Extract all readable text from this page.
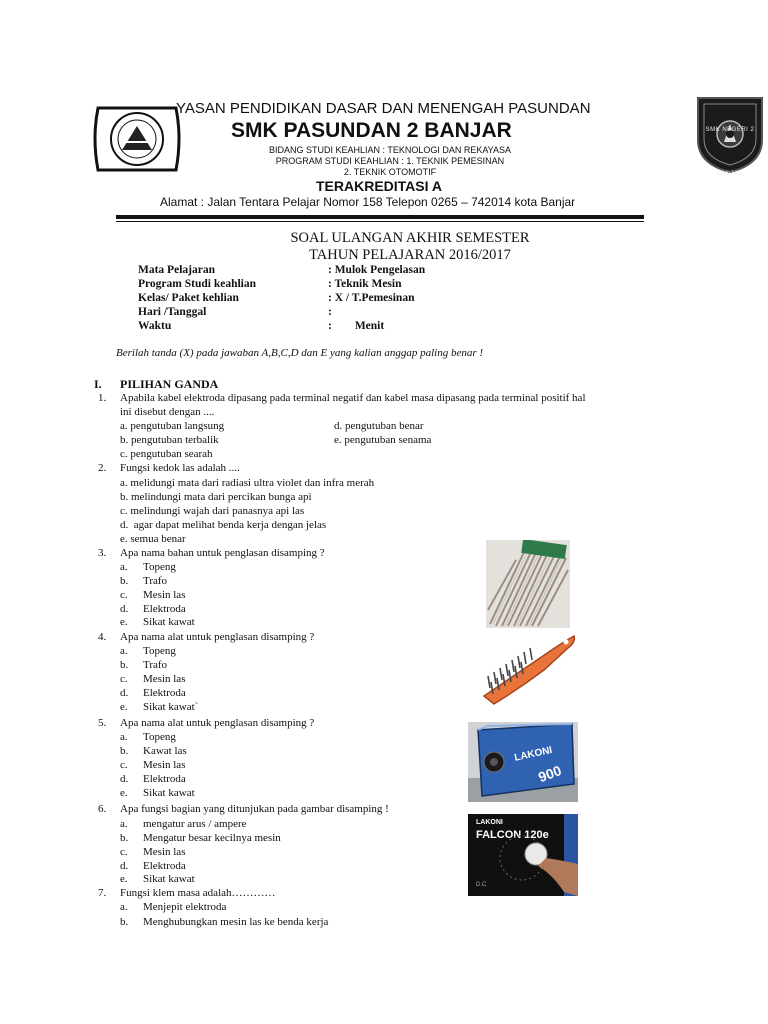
YASAN PENDIDIKAN DASAR DAN MENENGAH PASUNDAN
SMK PASUNDAN 2 BANJAR
BIDANG STUDI KEAHLIAN : TEKNOLOGI DAN REKAYASA
PROGRAM STUDI KEAHLIAN : 1. TEKNIK PEMESINAN
2. TEKNIK OTOMOTIF
TERAKREDITASI A
Alamat : Jalan Tentara Pelajar Nomor 158 Telepon 0265 – 742014 kota Banjar
SMK NEGERI 2 BANJAR
SOAL ULANGAN AKHIR SEMESTER
TAHUN PELAJARAN 2016/2017
Mata Pelajaran	: Mulok Pengelasan
Program Studi keahlian	: Teknik Mesin
Kelas/ Paket kehlian	: X / T.Pemesinan
Hari /Tanggal	:
Waktu	:        Menit
Berilah tanda (X) pada jawaban A,B,C,D dan E yang kalian anggap paling benar !
I. PILIHAN GANDA
1. Apabila kabel elektroda dipasang pada terminal negatif dan kabel masa dipasang pada terminal positif hal
ini disebut dengan ....
a. pengutuban langsung	d. pengutuban benar
b. pengutuban terbalik	e. pengutuban senama
c. pengutuban searah
2. Fungsi kedok las adalah ....
a. melidungi mata dari radiasi ultra violet dan infra merah
b. melindungi mata dari percikan bunga api
c. melindungi wajah dari panasnya api las
d.  agar dapat melihat benda kerja dengan jelas
e. semua benar
3. Apa nama bahan untuk penglasan disamping ?
a. Topeng
b. Trafo
c. Mesin las
d. Elektroda
e. Sikat kawat
4. Apa nama alat untuk penglasan disamping ?
a. Topeng
b. Trafo
c. Mesin las
d. Elektroda
e. Sikat kawat`
5. Apa nama alat untuk penglasan disamping ?
a. Topeng
b. Kawat las
c. Mesin las
d. Elektroda
e. Sikat kawat
LAKONI
900
6. Apa fungsi bagian yang ditunjukan pada gambar disamping !
a. mengatur arus / ampere
b. Mengatur besar kecilnya mesin
c. Mesin las
d. Elektroda
e. Sikat kawat
LAKONI
FALCON 120e
D.C
7. Fungsi klem masa adalah…………
a. Menjepit elektroda
b. Menghubungkan mesin las ke benda kerja
